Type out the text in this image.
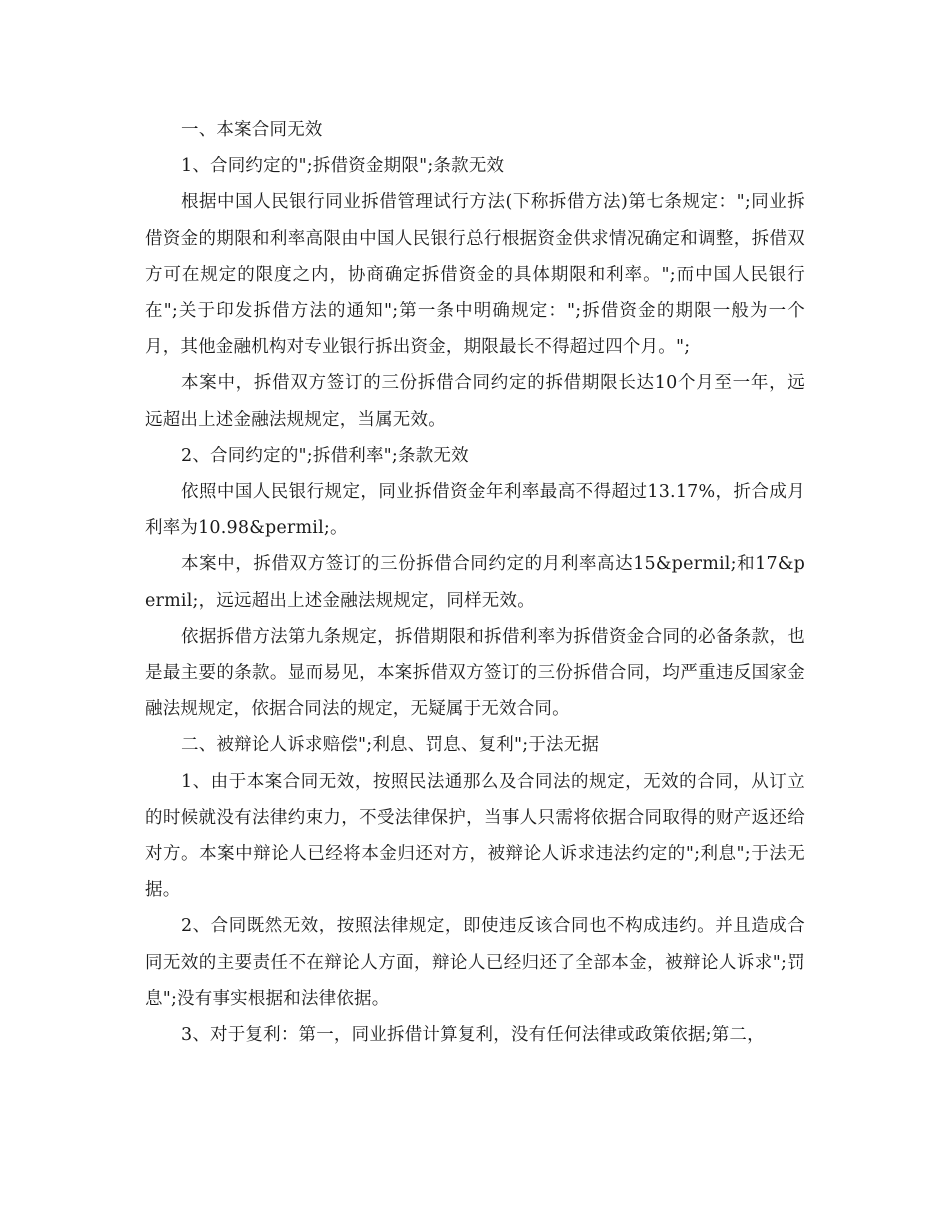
一、本案合同无效

1、合同约定的";拆借资金期限";条款无效

根据中国人民银行同业拆借管理试行方法(下称拆借方法)第七条规定：";同业拆借资金的期限和利率高限由中国人民银行总行根据资金供求情况确定和调整，拆借双方可在规定的限度之内，协商确定拆借资金的具体期限和利率。";而中国人民银行在";关于印发拆借方法的通知";第一条中明确规定：";拆借资金的期限一般为一个月，其他金融机构对专业银行拆出资金，期限最长不得超过四个月。";

本案中，拆借双方签订的三份拆借合同约定的拆借期限长达10个月至一年，远远超出上述金融法规规定，当属无效。

2、合同约定的";拆借利率";条款无效

依照中国人民银行规定，同业拆借资金年利率最高不得超过13.17%，折合成月利率为10.98&permil;。

本案中，拆借双方签订的三份拆借合同约定的月利率高达15&permil;和17&permil;，远远超出上述金融法规规定，同样无效。

依据拆借方法第九条规定，拆借期限和拆借利率为拆借资金合同的必备条款，也是最主要的条款。显而易见，本案拆借双方签订的三份拆借合同，均严重违反国家金融法规规定，依据合同法的规定，无疑属于无效合同。

二、被辩论人诉求赔偿";利息、罚息、复利";于法无据

1、由于本案合同无效，按照民法通那么及合同法的规定，无效的合同，从订立的时候就没有法律约束力，不受法律保护，当事人只需将依据合同取得的财产返还给对方。本案中辩论人已经将本金归还对方，被辩论人诉求违法约定的";利息";于法无据。

2、合同既然无效，按照法律规定，即使违反该合同也不构成违约。并且造成合同无效的主要责任不在辩论人方面，辩论人已经归还了全部本金，被辩论人诉求";罚息";没有事实根据和法律依据。

3、对于复利：第一，同业拆借计算复利，没有任何法律或政策依据;第二，
